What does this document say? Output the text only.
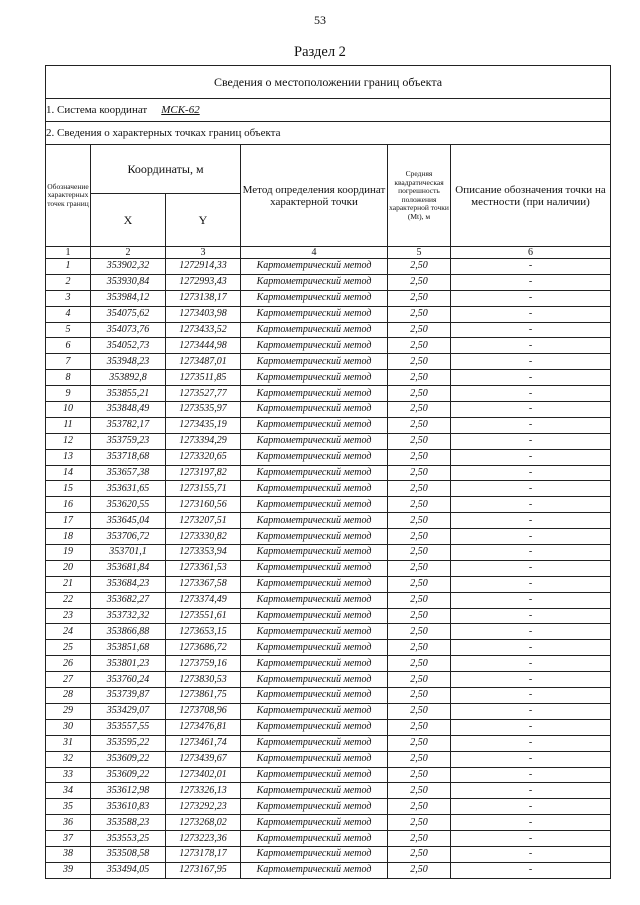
53
Раздел 2
Сведения о местоположении границ объекта					
1. Система координат МСК-62					
2. Сведения о характерных точках границ объекта					
Обозначение характерных точек границ	Координаты, м		Метод определения координат характерной точки	Средняя квадратическая погрешность положения характерной точки (Mt), м	Описание обозначения точки на местности (при наличии)
	X	Y			
1	2	3	4	5	6
1	353902,32	1272914,33	Картометрический метод	2,50	-
2	353930,84	1272993,43	Картометрический метод	2,50	-
3	353984,12	1273138,17	Картометрический метод	2,50	-
4	354075,62	1273403,98	Картометрический метод	2,50	-
5	354073,76	1273433,52	Картометрический метод	2,50	-
6	354052,73	1273444,98	Картометрический метод	2,50	-
7	353948,23	1273487,01	Картометрический метод	2,50	-
8	353892,8	1273511,85	Картометрический метод	2,50	-
9	353855,21	1273527,77	Картометрический метод	2,50	-
10	353848,49	1273535,97	Картометрический метод	2,50	-
11	353782,17	1273435,19	Картометрический метод	2,50	-
12	353759,23	1273394,29	Картометрический метод	2,50	-
13	353718,68	1273320,65	Картометрический метод	2,50	-
14	353657,38	1273197,82	Картометрический метод	2,50	-
15	353631,65	1273155,71	Картометрический метод	2,50	-
16	353620,55	1273160,56	Картометрический метод	2,50	-
17	353645,04	1273207,51	Картометрический метод	2,50	-
18	353706,72	1273330,82	Картометрический метод	2,50	-
19	353701,1	1273353,94	Картометрический метод	2,50	-
20	353681,84	1273361,53	Картометрический метод	2,50	-
21	353684,23	1273367,58	Картометрический метод	2,50	-
22	353682,27	1273374,49	Картометрический метод	2,50	-
23	353732,32	1273551,61	Картометрический метод	2,50	-
24	353866,88	1273653,15	Картометрический метод	2,50	-
25	353851,68	1273686,72	Картометрический метод	2,50	-
26	353801,23	1273759,16	Картометрический метод	2,50	-
27	353760,24	1273830,53	Картометрический метод	2,50	-
28	353739,87	1273861,75	Картометрический метод	2,50	-
29	353429,07	1273708,96	Картометрический метод	2,50	-
30	353557,55	1273476,81	Картометрический метод	2,50	-
31	353595,22	1273461,74	Картометрический метод	2,50	-
32	353609,22	1273439,67	Картометрический метод	2,50	-
33	353609,22	1273402,01	Картометрический метод	2,50	-
34	353612,98	1273326,13	Картометрический метод	2,50	-
35	353610,83	1273292,23	Картометрический метод	2,50	-
36	353588,23	1273268,02	Картометрический метод	2,50	-
37	353553,25	1273223,36	Картометрический метод	2,50	-
38	353508,58	1273178,17	Картометрический метод	2,50	-
39	353494,05	1273167,95	Картометрический метод	2,50	-
